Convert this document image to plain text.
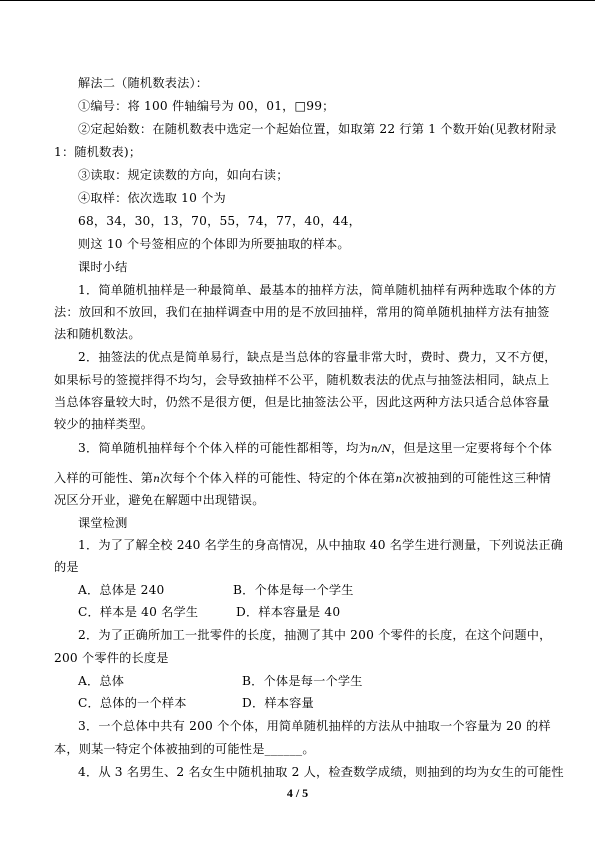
解法二（随机数表法）：
①编号：将 100 件轴编号为 00，01，□99；
②定起始数：在随机数表中选定一个起始位置，如取第 22 行第 1 个数开始(见教材附录
1：随机数表)；
③读取：规定读数的方向，如向右读；
④取样：依次选取 10 个为
68，34，30，13，70，55，74，77，40，44，
则这 10 个号签相应的个体即为所要抽取的样本。
课时小结
1．简单随机抽样是一种最简单、最基本的抽样方法，简单随机抽样有两种选取个体的方
法：放回和不放回，我们在抽样调查中用的是不放回抽样，常用的简单随机抽样方法有抽签
法和随机数法。
2．抽签法的优点是简单易行，缺点是当总体的容量非常大时，费时、费力，又不方便，
如果标号的签搅拌得不均匀，会导致抽样不公平，随机数表法的优点与抽签法相同，缺点上
当总体容量较大时，仍然不是很方便，但是比抽签法公平，因此这两种方法只适合总体容量
较少的抽样类型。
3．简单随机抽样每个个体入样的可能性都相等，均为n/N，但是这里一定要将每个个体
入样的可能性、第n次每个个体入样的可能性、特定的个体在第n次被抽到的可能性这三种情
况区分开业，避免在解题中出现错误。
课堂检测
1．为了了解全校 240 名学生的身高情况，从中抽取 40 名学生进行测量，下列说法正确
的是
A．总体是 240	B．个体是每一个学生
C．样本是 40 名学生	D．样本容量是 40
2．为了正确所加工一批零件的长度，抽测了其中 200 个零件的长度，在这个问题中，
200 个零件的长度是
A．总体	B．个体是每一个学生
C．总体的一个样本	D．样本容量
3．一个总体中共有 200 个个体，用简单随机抽样的方法从中抽取一个容量为 20 的样
本，则某一特定个体被抽到的可能性是______。
4．从 3 名男生、2 名女生中随机抽取 2 人，检查数学成绩，则抽到的均为女生的可能性
4 / 5
